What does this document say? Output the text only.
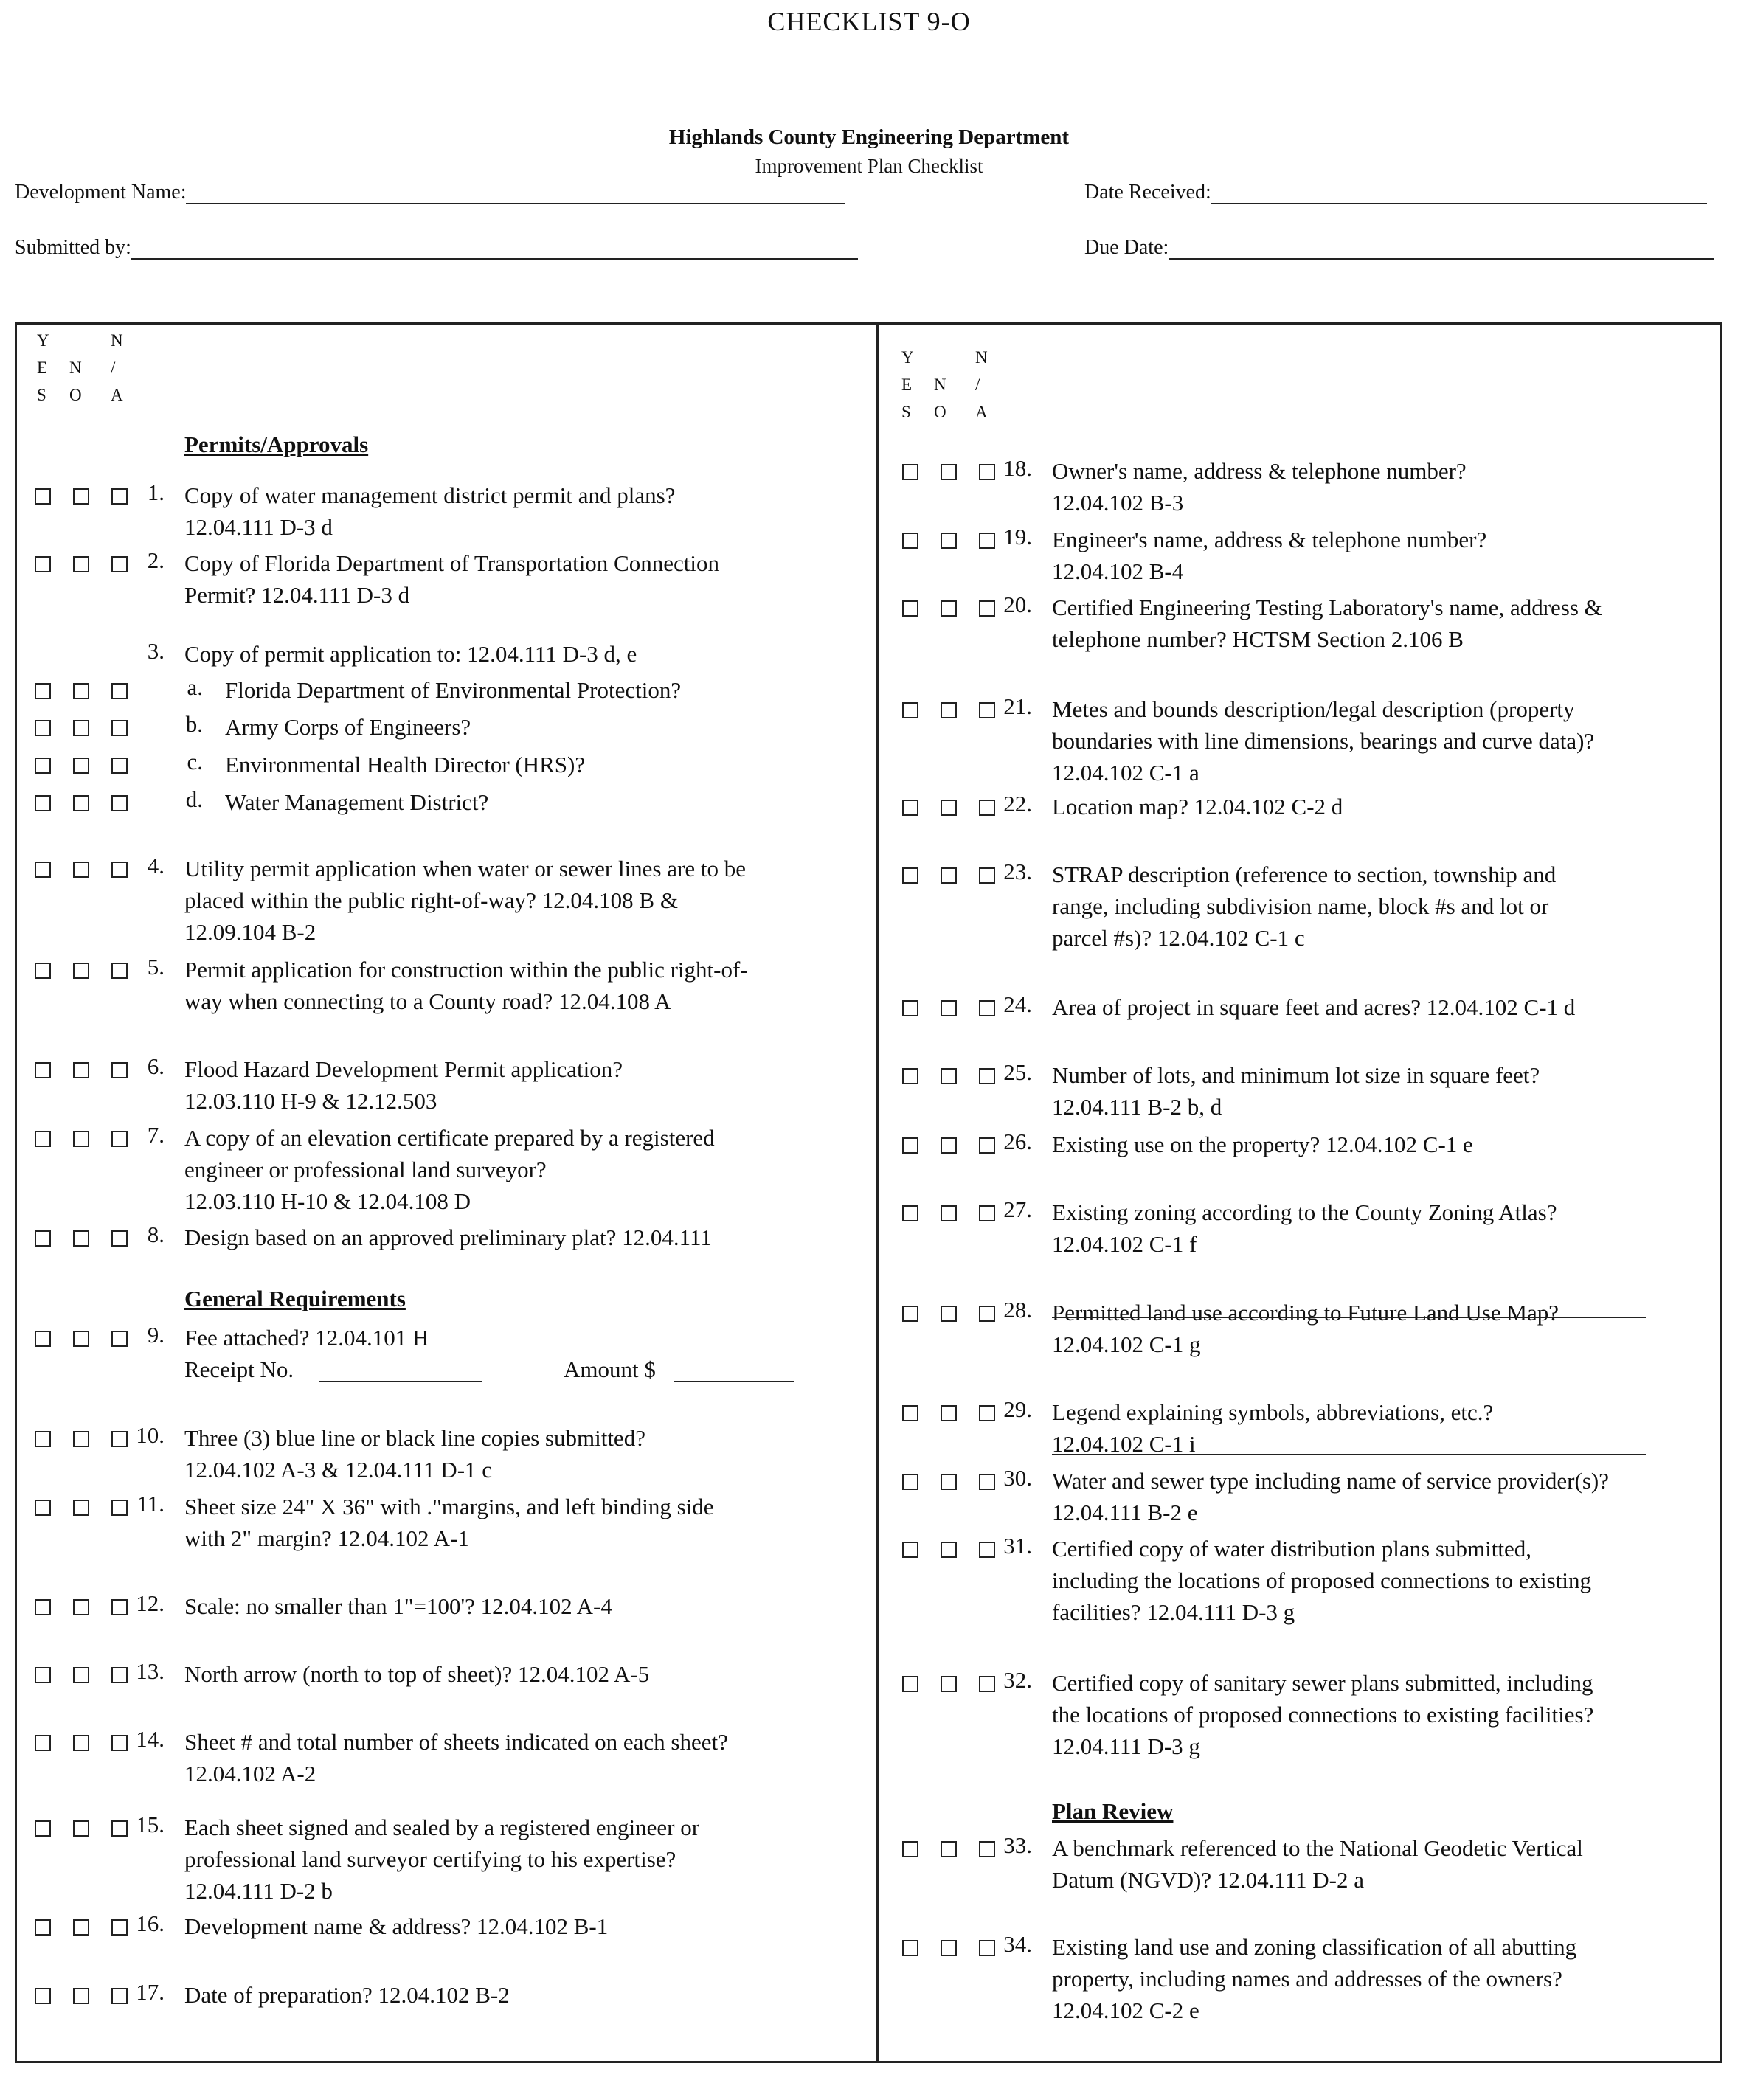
CHECKLIST 9-O
Highlands County Engineering Department
Improvement Plan Checklist
Development Name:	Date Received:
Submitted by:	Due Date:
Y
E
S
N
O
N
/
A
Y
E
S
N
O
N
/
A
Permits/Approvals
General Requirements
Plan Review
1. Copy of water management district permit and plans?
12.04.111 D-3 d
2. Copy of Florida Department of Transportation Connection
Permit? 12.04.111 D-3 d
3. Copy of permit application to: 12.04.111 D-3 d, e
a. Florida Department of Environmental Protection?
b. Army Corps of Engineers?
c. Environmental Health Director (HRS)?
d. Water Management District?
4. Utility permit application when water or sewer lines are to be
placed within the public right-of-way? 12.04.108 B &
12.09.104 B-2
5. Permit application for construction within the public right-of-
way when connecting to a County road? 12.04.108 A
6. Flood Hazard Development Permit application?
12.03.110 H-9 & 12.12.503
7. A copy of an elevation certificate prepared by a registered
engineer or professional land surveyor?
12.03.110 H-10 & 12.04.108 D
8. Design based on an approved preliminary plat? 12.04.111
9. Fee attached? 12.04.101 H
10. Three (3) blue line or black line copies submitted?
12.04.102 A-3 & 12.04.111 D-1 c
11. Sheet size 24" X 36" with ."margins, and left binding side
with 2" margin? 12.04.102 A-1
12. Scale: no smaller than 1"=100'? 12.04.102 A-4
13. North arrow (north to top of sheet)? 12.04.102 A-5
14. Sheet # and total number of sheets indicated on each sheet?
12.04.102 A-2
15. Each sheet signed and sealed by a registered engineer or
professional land surveyor certifying to his expertise?
12.04.111 D-2 b
16. Development name & address? 12.04.102 B-1
17. Date of preparation? 12.04.102 B-2
18. Owner's name, address & telephone number?
12.04.102 B-3
19. Engineer's name, address & telephone number?
12.04.102 B-4
20. Certified Engineering Testing Laboratory's name, address &
telephone number? HCTSM Section 2.106 B
21. Metes and bounds description/legal description (property
boundaries with line dimensions, bearings and curve data)?
12.04.102 C-1 a
22. Location map? 12.04.102 C-2 d
23. STRAP description (reference to section, township and
range, including subdivision name, block #s and lot or
parcel #s)? 12.04.102 C-1 c
24. Area of project in square feet and acres? 12.04.102 C-1 d
25. Number of lots, and minimum lot size in square feet?
12.04.111 B-2 b, d
26. Existing use on the property? 12.04.102 C-1 e
27. Existing zoning according to the County Zoning Atlas?
12.04.102 C-1 f
28. Permitted land use according to Future Land Use Map?
12.04.102 C-1 g
29. Legend explaining symbols, abbreviations, etc.?
12.04.102 C-1 i
30. Water and sewer type including name of service provider(s)?
12.04.111 B-2 e
31. Certified copy of water distribution plans submitted,
including the locations of proposed connections to existing
facilities? 12.04.111 D-3 g
32. Certified copy of sanitary sewer plans submitted, including
the locations of proposed connections to existing facilities?
12.04.111 D-3 g
33. A benchmark referenced to the National Geodetic Vertical
Datum (NGVD)? 12.04.111 D-2 a
34. Existing land use and zoning classification of all abutting
property, including names and addresses of the owners?
12.04.102 C-2 e
Receipt No.	Amount $
